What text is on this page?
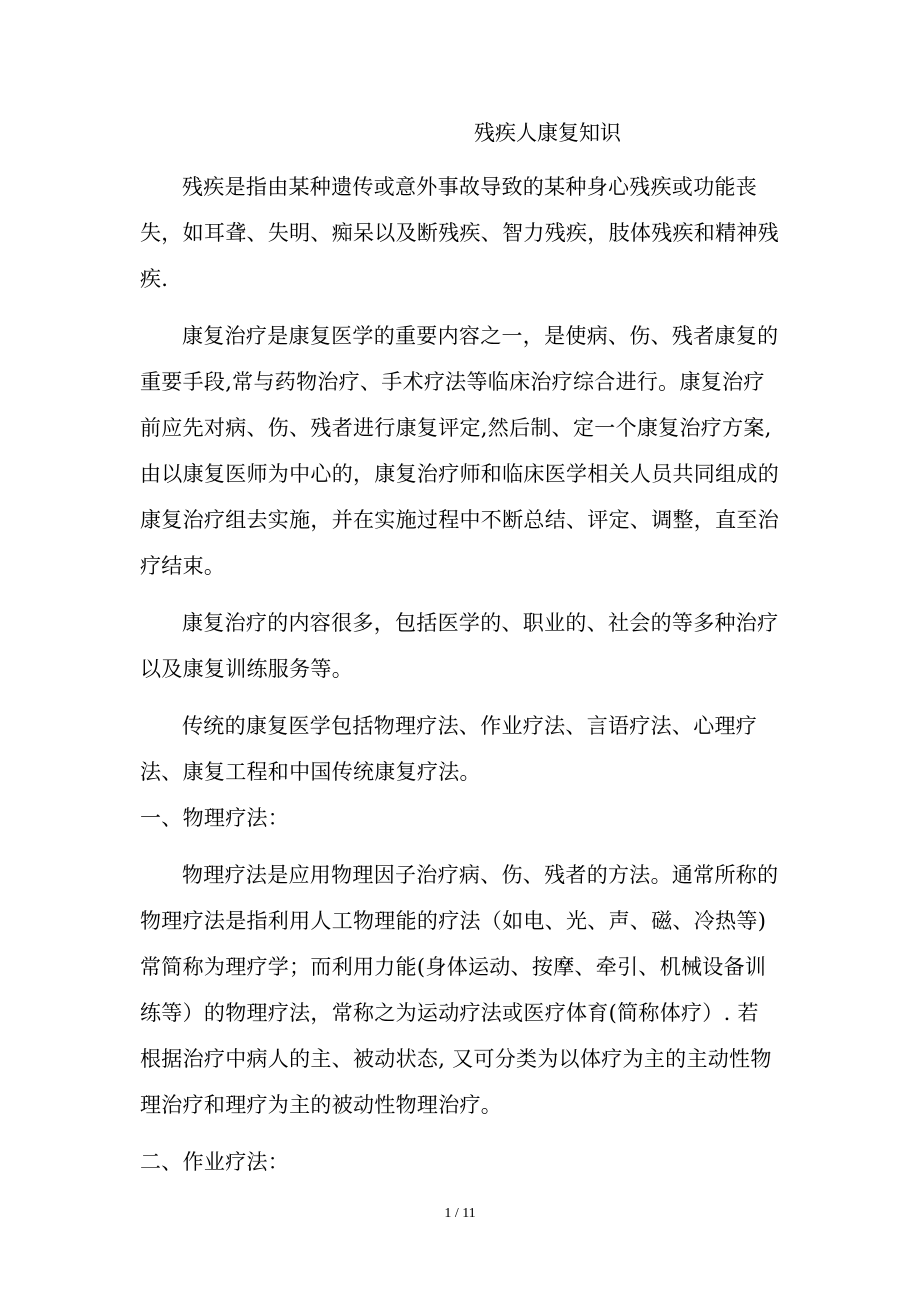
残疾人康复知识

残疾是指由某种遗传或意外事故导致的某种身心残疾或功能丧失，如耳聋、失明、痴呆以及断残疾、智力残疾，肢体残疾和精神残疾.

康复治疗是康复医学的重要内容之一，是使病、伤、残者康复的重要手段,常与药物治疗、手术疗法等临床治疗综合进行。康复治疗前应先对病、伤、残者进行康复评定,然后制、定一个康复治疗方案,由以康复医师为中心的，康复治疗师和临床医学相关人员共同组成的康复治疗组去实施，并在实施过程中不断总结、评定、调整，直至治疗结束。

康复治疗的内容很多，包括医学的、职业的、社会的等多种治疗以及康复训练服务等。

传统的康复医学包括物理疗法、作业疗法、言语疗法、心理疗法、康复工程和中国传统康复疗法。

一、物理疗法：

物理疗法是应用物理因子治疗病、伤、残者的方法。通常所称的物理疗法是指利用人工物理能的疗法（如电、光、声、磁、冷热等)常简称为理疗学；而利用力能(身体运动、按摩、牵引、机械设备训练等）的物理疗法，常称之为运动疗法或医疗体育(简称体疗）. 若根据治疗中病人的主、被动状态, 又可分类为以体疗为主的主动性物理治疗和理疗为主的被动性物理治疗。

二、作业疗法：

1 / 11
